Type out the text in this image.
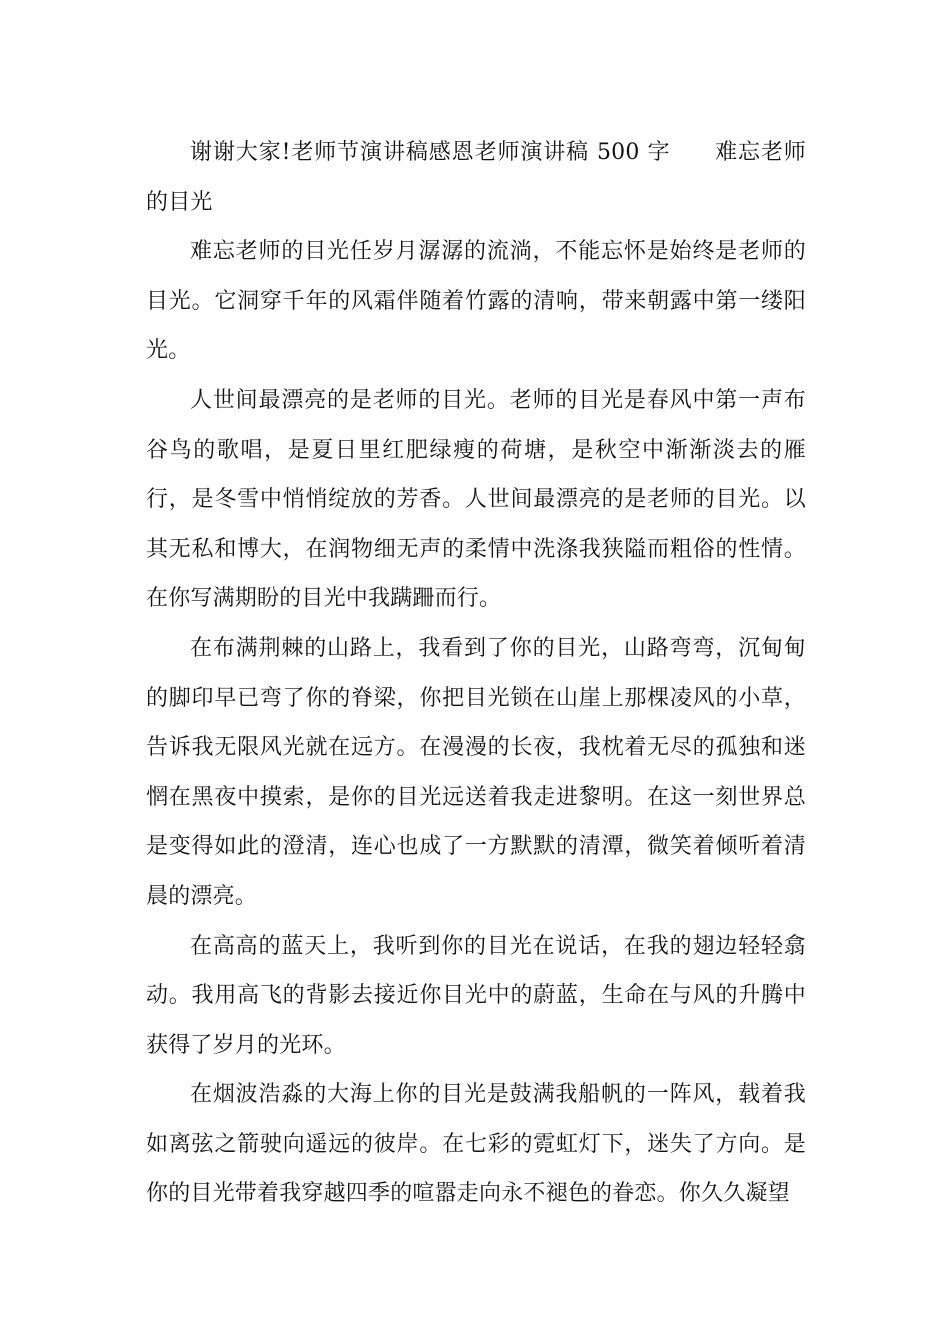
谢谢大家!老师节演讲稿感恩老师演讲稿 500 字 难忘老师的目光

难忘老师的目光任岁月潺潺的流淌，不能忘怀是始终是老师的目光。它洞穿千年的风霜伴随着竹露的清响，带来朝露中第一缕阳光。

人世间最漂亮的是老师的目光。老师的目光是春风中第一声布谷鸟的歌唱，是夏日里红肥绿瘦的荷塘，是秋空中渐渐淡去的雁行，是冬雪中悄悄绽放的芳香。人世间最漂亮的是老师的目光。以其无私和博大，在润物细无声的柔情中洗涤我狭隘而粗俗的性情。在你写满期盼的目光中我蹒跚而行。

在布满荆棘的山路上，我看到了你的目光，山路弯弯，沉甸甸的脚印早已弯了你的脊梁，你把目光锁在山崖上那棵凌风的小草，告诉我无限风光就在远方。在漫漫的长夜，我枕着无尽的孤独和迷惘在黑夜中摸索，是你的目光远送着我走进黎明。在这一刻世界总是变得如此的澄清，连心也成了一方默默的清潭，微笑着倾听着清晨的漂亮。

在高高的蓝天上，我听到你的目光在说话，在我的翅边轻轻翕动。我用高飞的背影去接近你目光中的蔚蓝，生命在与风的升腾中获得了岁月的光环。

在烟波浩淼的大海上你的目光是鼓满我船帆的一阵风，载着我如离弦之箭驶向遥远的彼岸。在七彩的霓虹灯下，迷失了方向。是你的目光带着我穿越四季的喧嚣走向永不褪色的眷恋。你久久凝望
